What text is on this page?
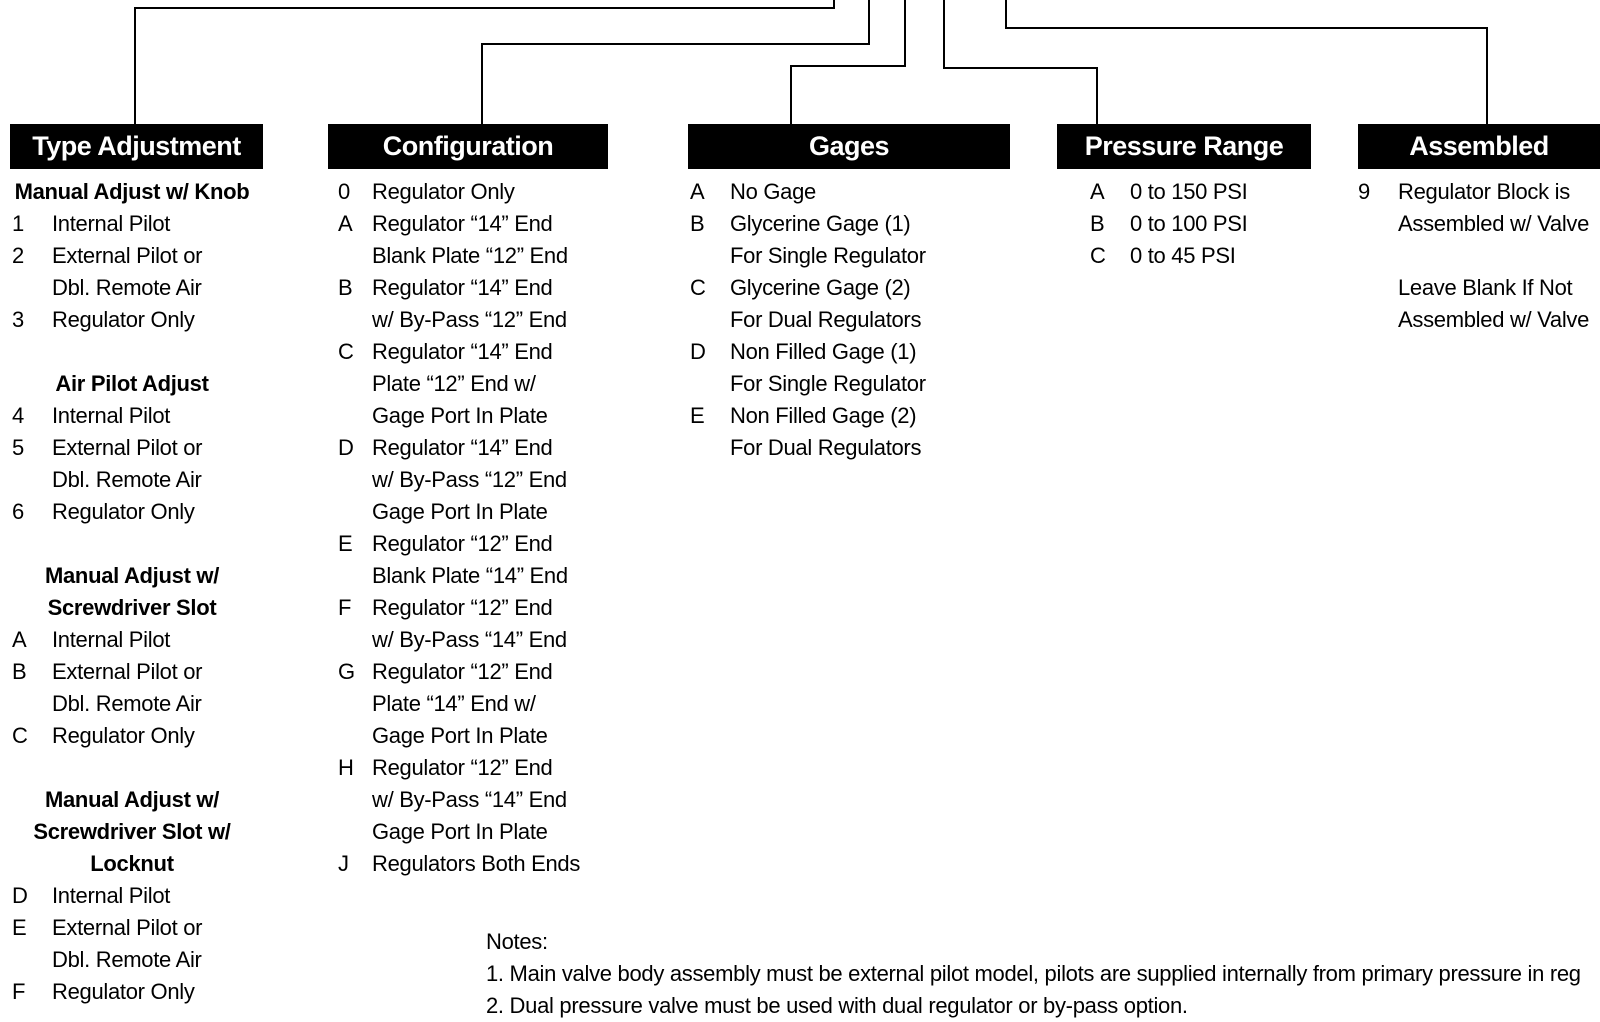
Type Adjustment	Configuration	Gages	Pressure Range	Assembled
Manual Adjust w/ Knob
1	Internal Pilot
2	External Pilot or
Dbl. Remote Air
3	Regulator Only
Air Pilot Adjust
4	Internal Pilot
5	External Pilot or
Dbl. Remote Air
6	Regulator Only
Manual Adjust w/
Screwdriver Slot
A	Internal Pilot
B	External Pilot or
Dbl. Remote Air
C	Regulator Only
Manual Adjust w/
Screwdriver Slot w/
Locknut
D	Internal Pilot
E	External Pilot or
Dbl. Remote Air
F	Regulator Only
0	Regulator Only
A Regulator “14” End
Blank Plate “12” End
B Regulator “14” End
w/ By-Pass “12” End
C Regulator “14” End
Plate “12” End w/
Gage Port In Plate
D Regulator “14” End
w/ By-Pass “12” End
Gage Port In Plate
E Regulator “12” End
Blank Plate “14” End
F Regulator “12” End
w/ By-Pass “14” End
G Regulator “12” End
Plate “14” End w/
Gage Port In Plate
H Regulator “12” End
w/ By-Pass “14” End
Gage Port In Plate
J	Regulators Both Ends
A	No Gage
B	Glycerine Gage (1)
For Single Regulator
C	Glycerine Gage (2)
For Dual Regulators
D	Non Filled Gage (1)
For Single Regulator
E	Non Filled Gage (2)
For Dual Regulators
A	0 to 150 PSI
B	0 to 100 PSI
C	0 to 45 PSI
9	Regulator Block is
Assembled w/ Valve
Leave Blank If Not
Assembled w/ Valve
Notes:
1. Main valve body assembly must be external pilot model, pilots are supplied internally from primary pressure in reg
2. Dual pressure valve must be used with dual regulator or by-pass option.
